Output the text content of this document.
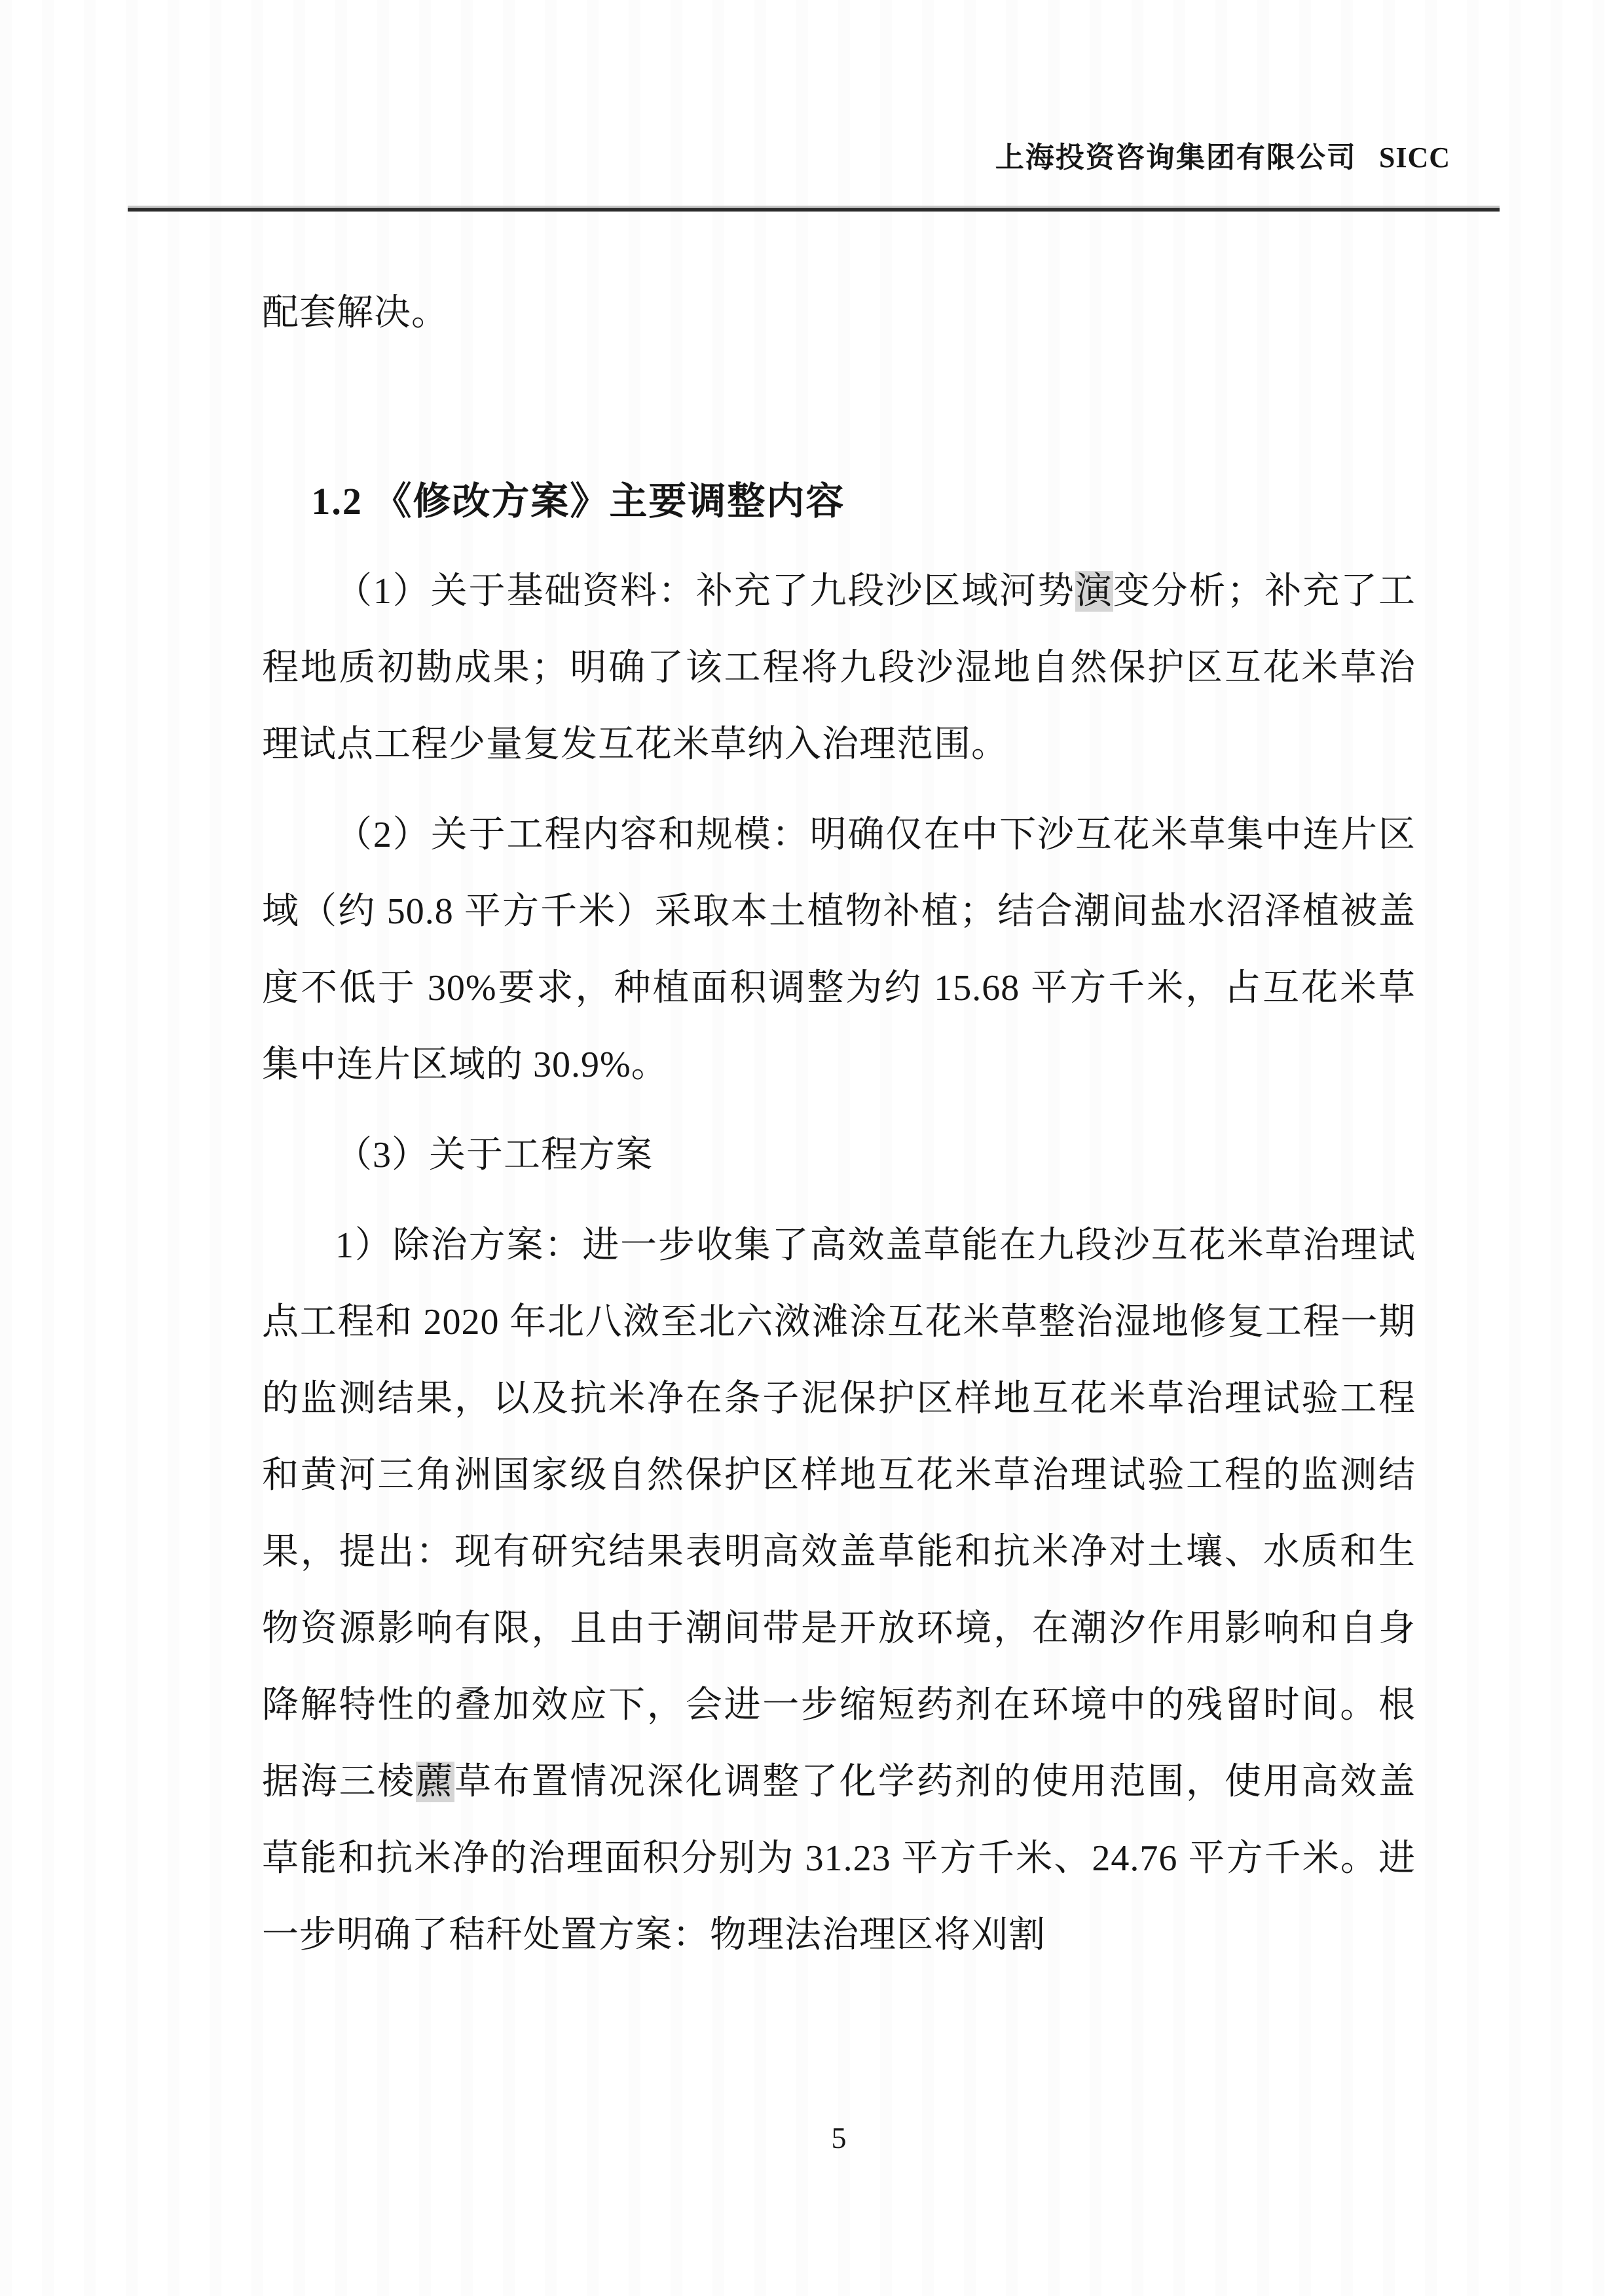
上海投资咨询集团有限公司 SICC

配套解决。

1.2 《修改方案》主要调整内容

（1）关于基础资料：补充了九段沙区域河势演变分析；补充了工程地质初勘成果；明确了该工程将九段沙湿地自然保护区互花米草治理试点工程少量复发互花米草纳入治理范围。

（2）关于工程内容和规模：明确仅在中下沙互花米草集中连片区域（约 50.8 平方千米）采取本土植物补植；结合潮间盐水沼泽植被盖度不低于 30%要求，种植面积调整为约 15.68 平方千米，占互花米草集中连片区域的 30.9%。

（3）关于工程方案

1）除治方案：进一步收集了高效盖草能在九段沙互花米草治理试点工程和 2020 年北八滧至北六滧滩涂互花米草整治湿地修复工程一期的监测结果，以及抗米净在条子泥保护区样地互花米草治理试验工程和黄河三角洲国家级自然保护区样地互花米草治理试验工程的监测结果，提出：现有研究结果表明高效盖草能和抗米净对土壤、水质和生物资源影响有限，且由于潮间带是开放环境，在潮汐作用影响和自身降解特性的叠加效应下，会进一步缩短药剂在环境中的残留时间。根据海三棱藨草布置情况深化调整了化学药剂的使用范围，使用高效盖草能和抗米净的治理面积分别为 31.23 平方千米、24.76 平方千米。进一步明确了秸秆处置方案：物理法治理区将刈割

5
